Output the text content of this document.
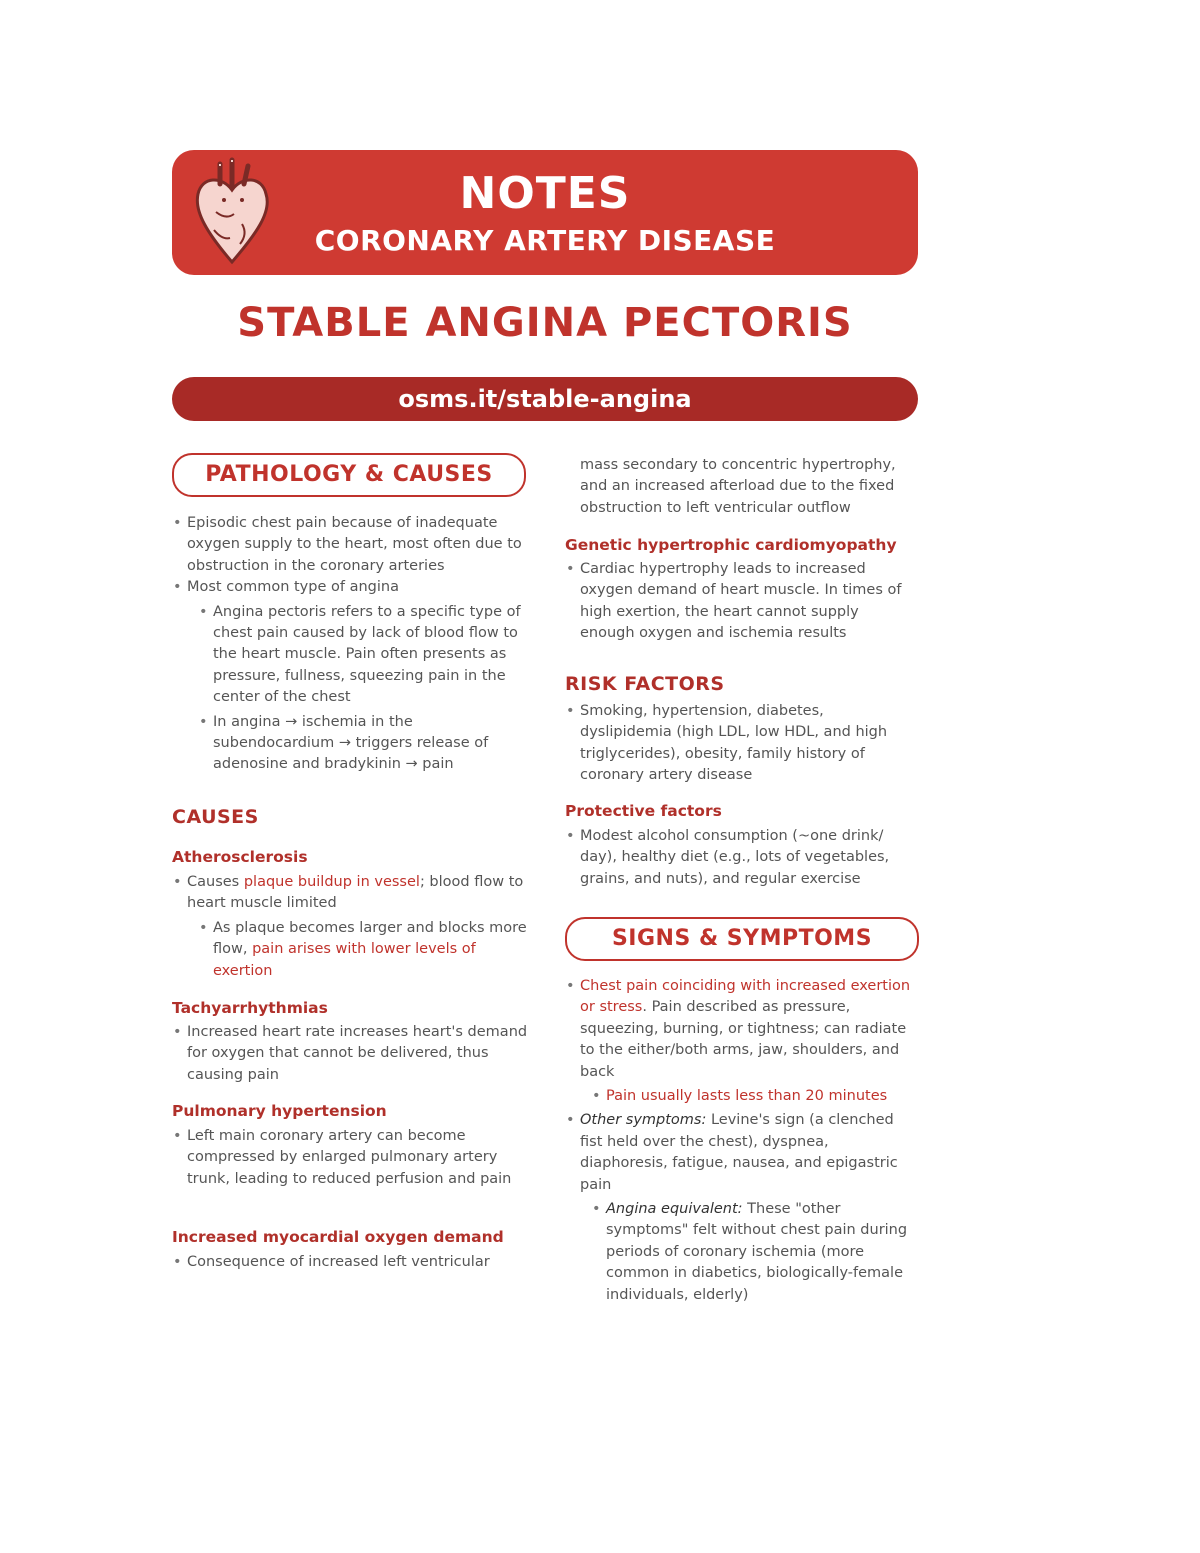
NOTES
CORONARY ARTERY DISEASE
STABLE ANGINA PECTORIS
osms.it/stable-angina
PATHOLOGY & CAUSES
• Episodic chest pain because of inadequate oxygen supply to the heart, most often due to obstruction in the coronary arteries
• Most common type of angina
• Angina pectoris refers to a specific type of chest pain caused by lack of blood flow to the heart muscle. Pain often presents as pressure, fullness, squeezing pain in the center of the chest
• In angina → ischemia in the subendocardium → triggers release of adenosine and bradykinin → pain
CAUSES
Atherosclerosis
• Causes plaque buildup in vessel; blood flow to heart muscle limited
• As plaque becomes larger and blocks more flow, pain arises with lower levels of exertion
Tachyarrhythmias
• Increased heart rate increases heart's demand for oxygen that cannot be delivered, thus causing pain
Pulmonary hypertension
• Left main coronary artery can become compressed by enlarged pulmonary artery trunk, leading to reduced perfusion and pain
Increased myocardial oxygen demand
• Consequence of increased left ventricular
mass secondary to concentric hypertrophy, and an increased afterload due to the fixed obstruction to left ventricular outflow
Genetic hypertrophic cardiomyopathy
• Cardiac hypertrophy leads to increased oxygen demand of heart muscle. In times of high exertion, the heart cannot supply enough oxygen and ischemia results
RISK FACTORS
• Smoking, hypertension, diabetes, dyslipidemia (high LDL, low HDL, and high triglycerides), obesity, family history of coronary artery disease
Protective factors
• Modest alcohol consumption (~one drink/ day), healthy diet (e.g., lots of vegetables, grains, and nuts), and regular exercise
SIGNS & SYMPTOMS
• Chest pain coinciding with increased exertion or stress. Pain described as pressure, squeezing, burning, or tightness; can radiate to the either/both arms, jaw, shoulders, and back
• Pain usually lasts less than 20 minutes
• Other symptoms: Levine's sign (a clenched fist held over the chest), dyspnea, diaphoresis, fatigue, nausea, and epigastric pain
• Angina equivalent: These "other symptoms" felt without chest pain during periods of coronary ischemia (more common in diabetics, biologically-female individuals, elderly)
